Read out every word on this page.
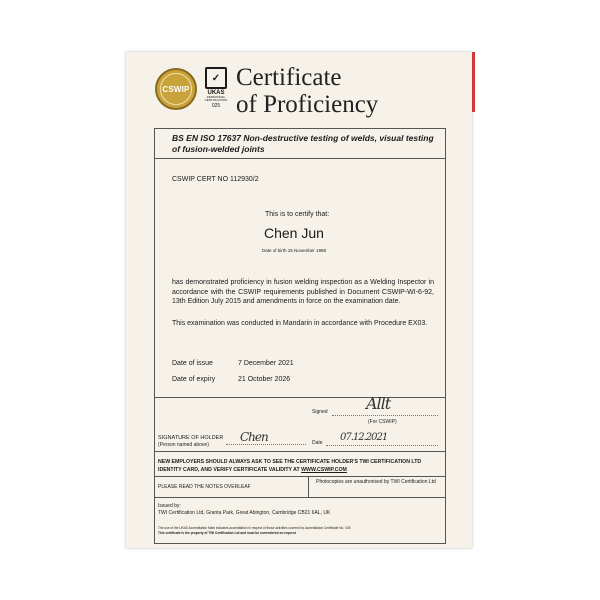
CSWIP
✓
UKAS
PERSONNEL CERTIFICATION
025
Certificate
of Proficiency
BS EN ISO 17637 Non-destructive testing of welds, visual testing of fusion-welded joints
CSWIP CERT NO 112930/2
This is to certify that:
Chen Jun
Date of birth 15 November 1988
has demonstrated proficiency in fusion welding inspection as a Welding Inspector in accordance with the CSWIP requirements published in Document CSWIP-WI-6-92, 13th Edition July 2015 and amendments in force on the examination date.
This examination was conducted in Mandarin in accordance with Procedure EX03.
Date of issue	7 December 2021
Date of expiry	21 October 2026
Signed Allt
(For CSWIP)
SIGNATURE OF HOLDER
(Person named above)
Chen	Date 07.12.2021
NEW EMPLOYERS SHOULD ALWAYS ASK TO SEE THE CERTIFICATE HOLDER'S TWI CERTIFICATION LTD IDENTITY CARD, AND VERIFY CERTIFICATE VALIDITY AT WWW.CSWIP.COM
PLEASE READ THE NOTES OVERLEAF
Photocopies are unauthorised by TWI Certification Ltd
Issued by:
TWI Certification Ltd, Granta Park, Great Abington, Cambridge CB21 6AL, UK
The use of the UKAS Accreditation Mark indicates accreditation in respect of those activities covered by Accreditation Certificate No. 025
This certificate is the property of TWI Certification Ltd and must be surrendered on request
